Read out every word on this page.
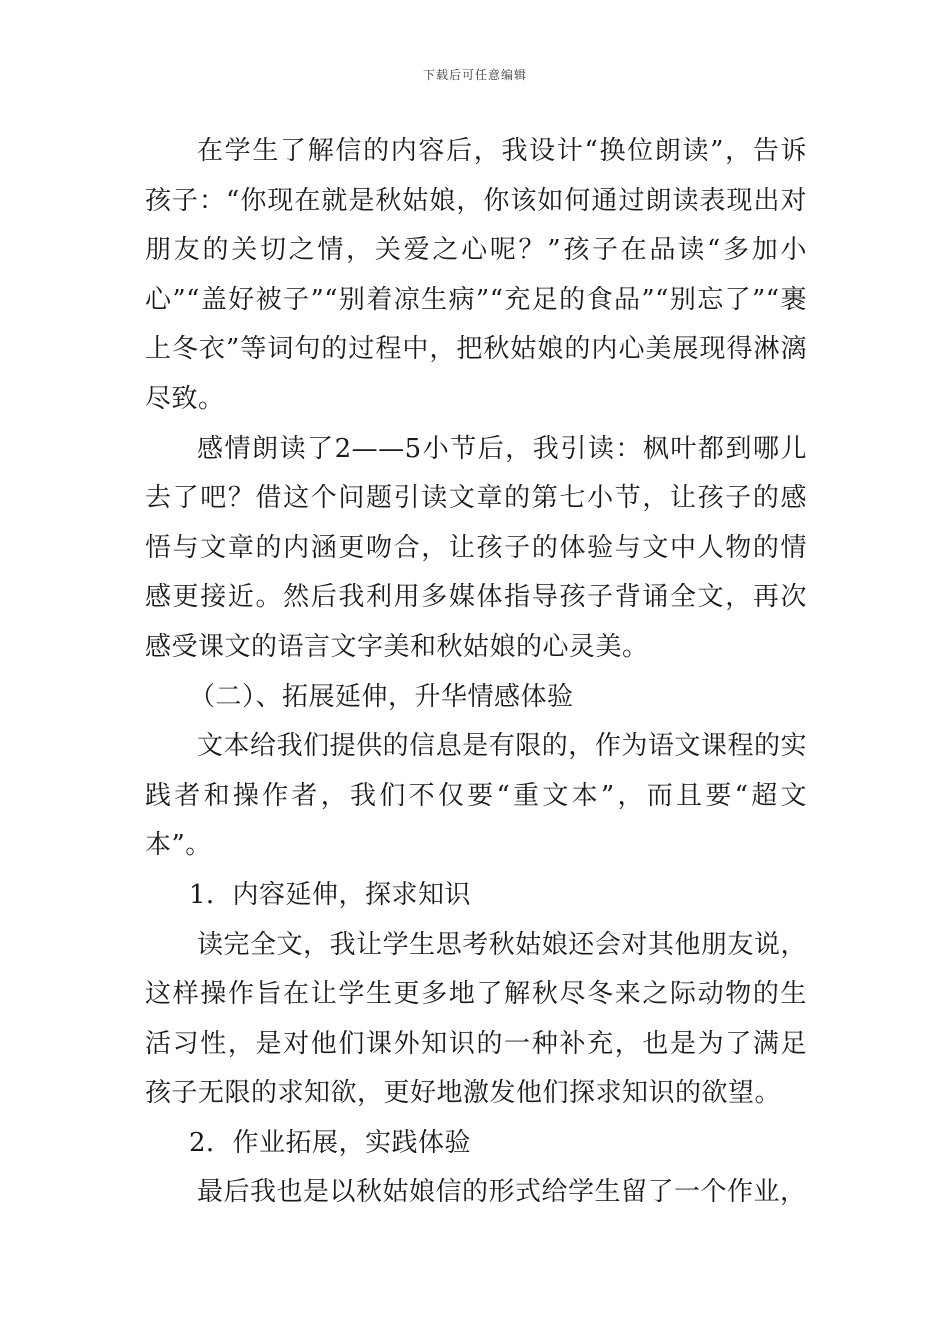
下载后可任意编辑

在学生了解信的内容后，我设计“换位朗读”，告诉孩子：“你现在就是秋姑娘，你该如何通过朗读表现出对朋友的关切之情，关爱之心呢？”孩子在品读“多加小心”“盖好被子”“别着凉生病”“充足的食品”“别忘了”“裹上冬衣”等词句的过程中，把秋姑娘的内心美展现得淋漓尽致。

感情朗读了2——5小节后，我引读：枫叶都到哪儿去了吧？借这个问题引读文章的第七小节，让孩子的感悟与文章的内涵更吻合，让孩子的体验与文中人物的情感更接近。然后我利用多媒体指导孩子背诵全文，再次感受课文的语言文字美和秋姑娘的心灵美。

（二）、拓展延伸，升华情感体验

文本给我们提供的信息是有限的，作为语文课程的实践者和操作者，我们不仅要“重文本”，而且要“超文本”。

1．内容延伸，探求知识

读完全文，我让学生思考秋姑娘还会对其他朋友说，这样操作旨在让学生更多地了解秋尽冬来之际动物的生活习性，是对他们课外知识的一种补充，也是为了满足孩子无限的求知欲，更好地激发他们探求知识的欲望。

2．作业拓展，实践体验

最后我也是以秋姑娘信的形式给学生留了一个作业，
